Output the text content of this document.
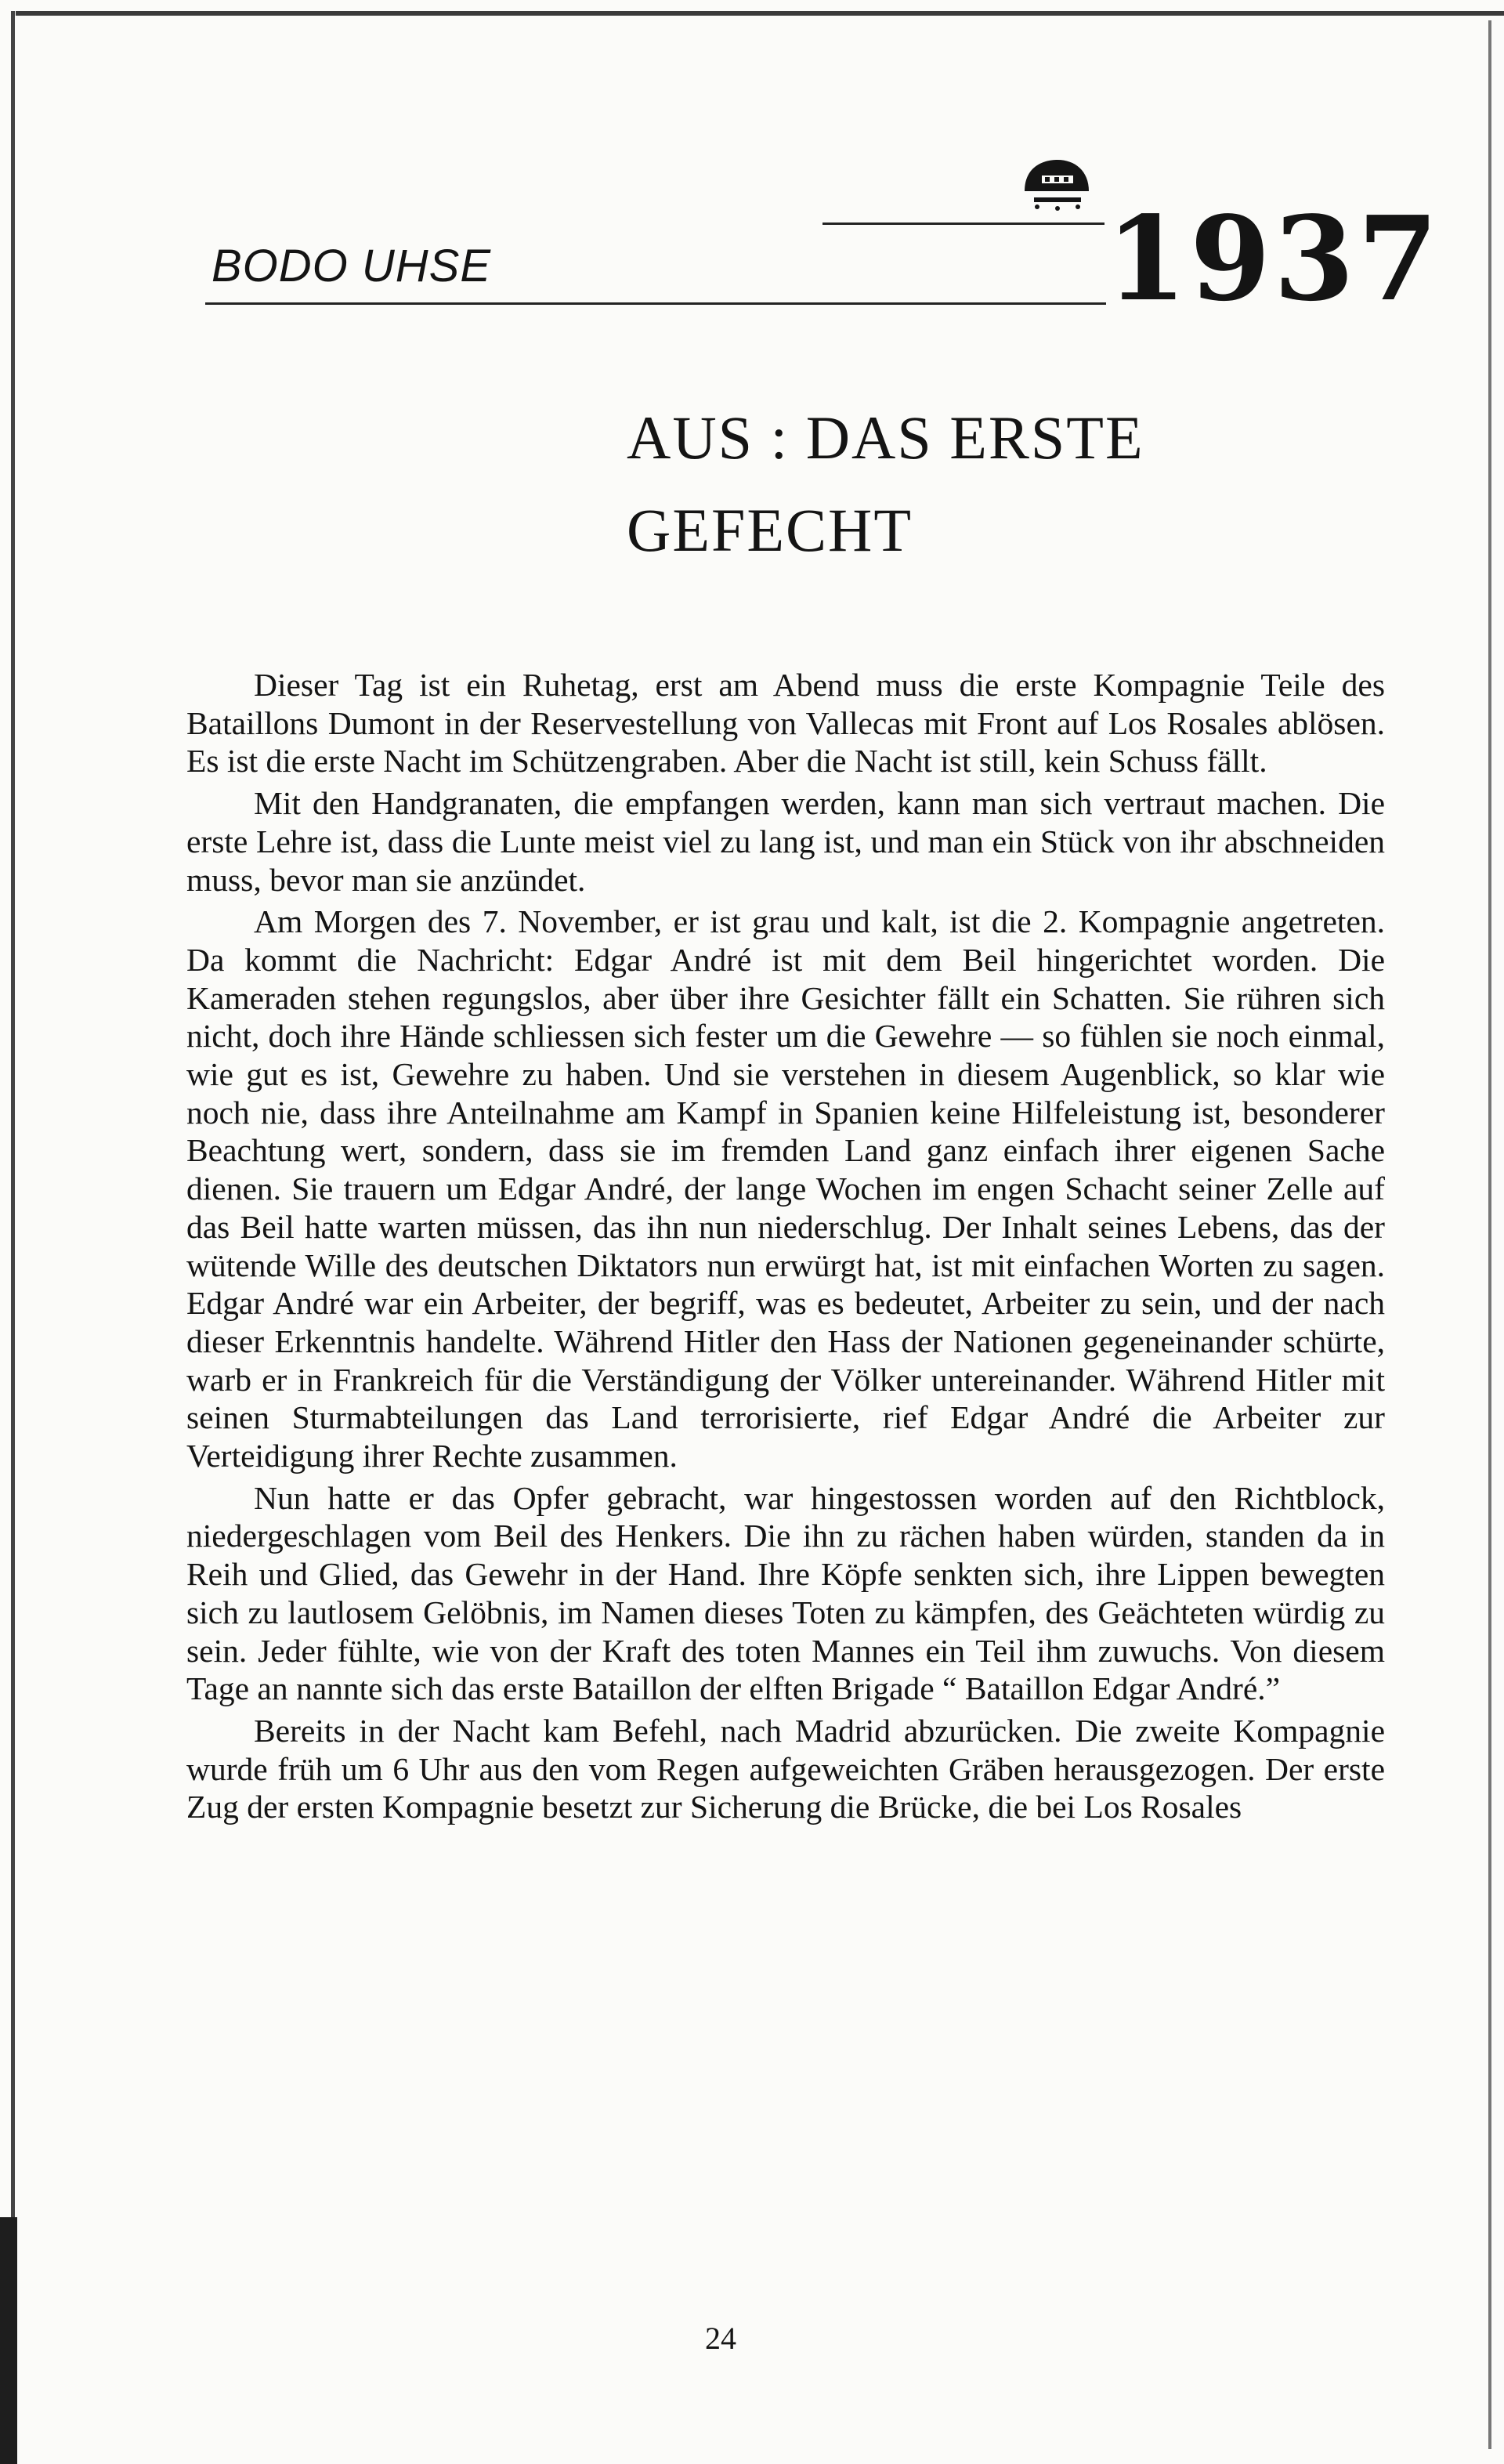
BODO UHSE	1937
AUS : DAS ERSTE
GEFECHT

Dieser Tag ist ein Ruhetag, erst am Abend muss die erste Kompagnie Teile des Bataillons Dumont in der Reservestellung von Vallecas mit Front auf Los Rosales ablösen. Es ist die erste Nacht im Schützengraben. Aber die Nacht ist still, kein Schuss fällt.

Mit den Handgranaten, die empfangen werden, kann man sich vertraut machen. Die erste Lehre ist, dass die Lunte meist viel zu lang ist, und man ein Stück von ihr abschneiden muss, bevor man sie anzündet.

Am Morgen des 7. November, er ist grau und kalt, ist die 2. Kompagnie angetreten. Da kommt die Nachricht: Edgar André ist mit dem Beil hingerichtet worden. Die Kameraden stehen regungslos, aber über ihre Gesichter fällt ein Schatten. Sie rühren sich nicht, doch ihre Hände schliessen sich fester um die Gewehre — so fühlen sie noch einmal, wie gut es ist, Gewehre zu haben. Und sie verstehen in diesem Augenblick, so klar wie noch nie, dass ihre Anteilnahme am Kampf in Spanien keine Hilfeleistung ist, besonderer Beachtung wert, sondern, dass sie im fremden Land ganz einfach ihrer eigenen Sache dienen. Sie trauern um Edgar André, der lange Wochen im engen Schacht seiner Zelle auf das Beil hatte warten müssen, das ihn nun niederschlug. Der Inhalt seines Lebens, das der wütende Wille des deutschen Diktators nun erwürgt hat, ist mit einfachen Worten zu sagen. Edgar André war ein Arbeiter, der begriff, was es bedeutet, Arbeiter zu sein, und der nach dieser Erkenntnis handelte. Während Hitler den Hass der Nationen gegeneinander schürte, warb er in Frankreich für die Verständigung der Völker untereinander. Während Hitler mit seinen Sturmabteilungen das Land terrorisierte, rief Edgar André die Arbeiter zur Verteidigung ihrer Rechte zusammen.

Nun hatte er das Opfer gebracht, war hingestossen worden auf den Richtblock, niedergeschlagen vom Beil des Henkers. Die ihn zu rächen haben würden, standen da in Reih und Glied, das Gewehr in der Hand. Ihre Köpfe senkten sich, ihre Lippen bewegten sich zu lautlosem Gelöbnis, im Namen dieses Toten zu kämpfen, des Geächteten würdig zu sein. Jeder fühlte, wie von der Kraft des toten Mannes ein Teil ihm zuwuchs. Von diesem Tage an nannte sich das erste Bataillon der elften Brigade “ Bataillon Edgar André.”

Bereits in der Nacht kam Befehl, nach Madrid abzurücken. Die zweite Kompagnie wurde früh um 6 Uhr aus den vom Regen aufgeweichten Gräben herausgezogen. Der erste Zug der ersten Kompagnie besetzt zur Sicherung die Brücke, die bei Los Rosales

24
